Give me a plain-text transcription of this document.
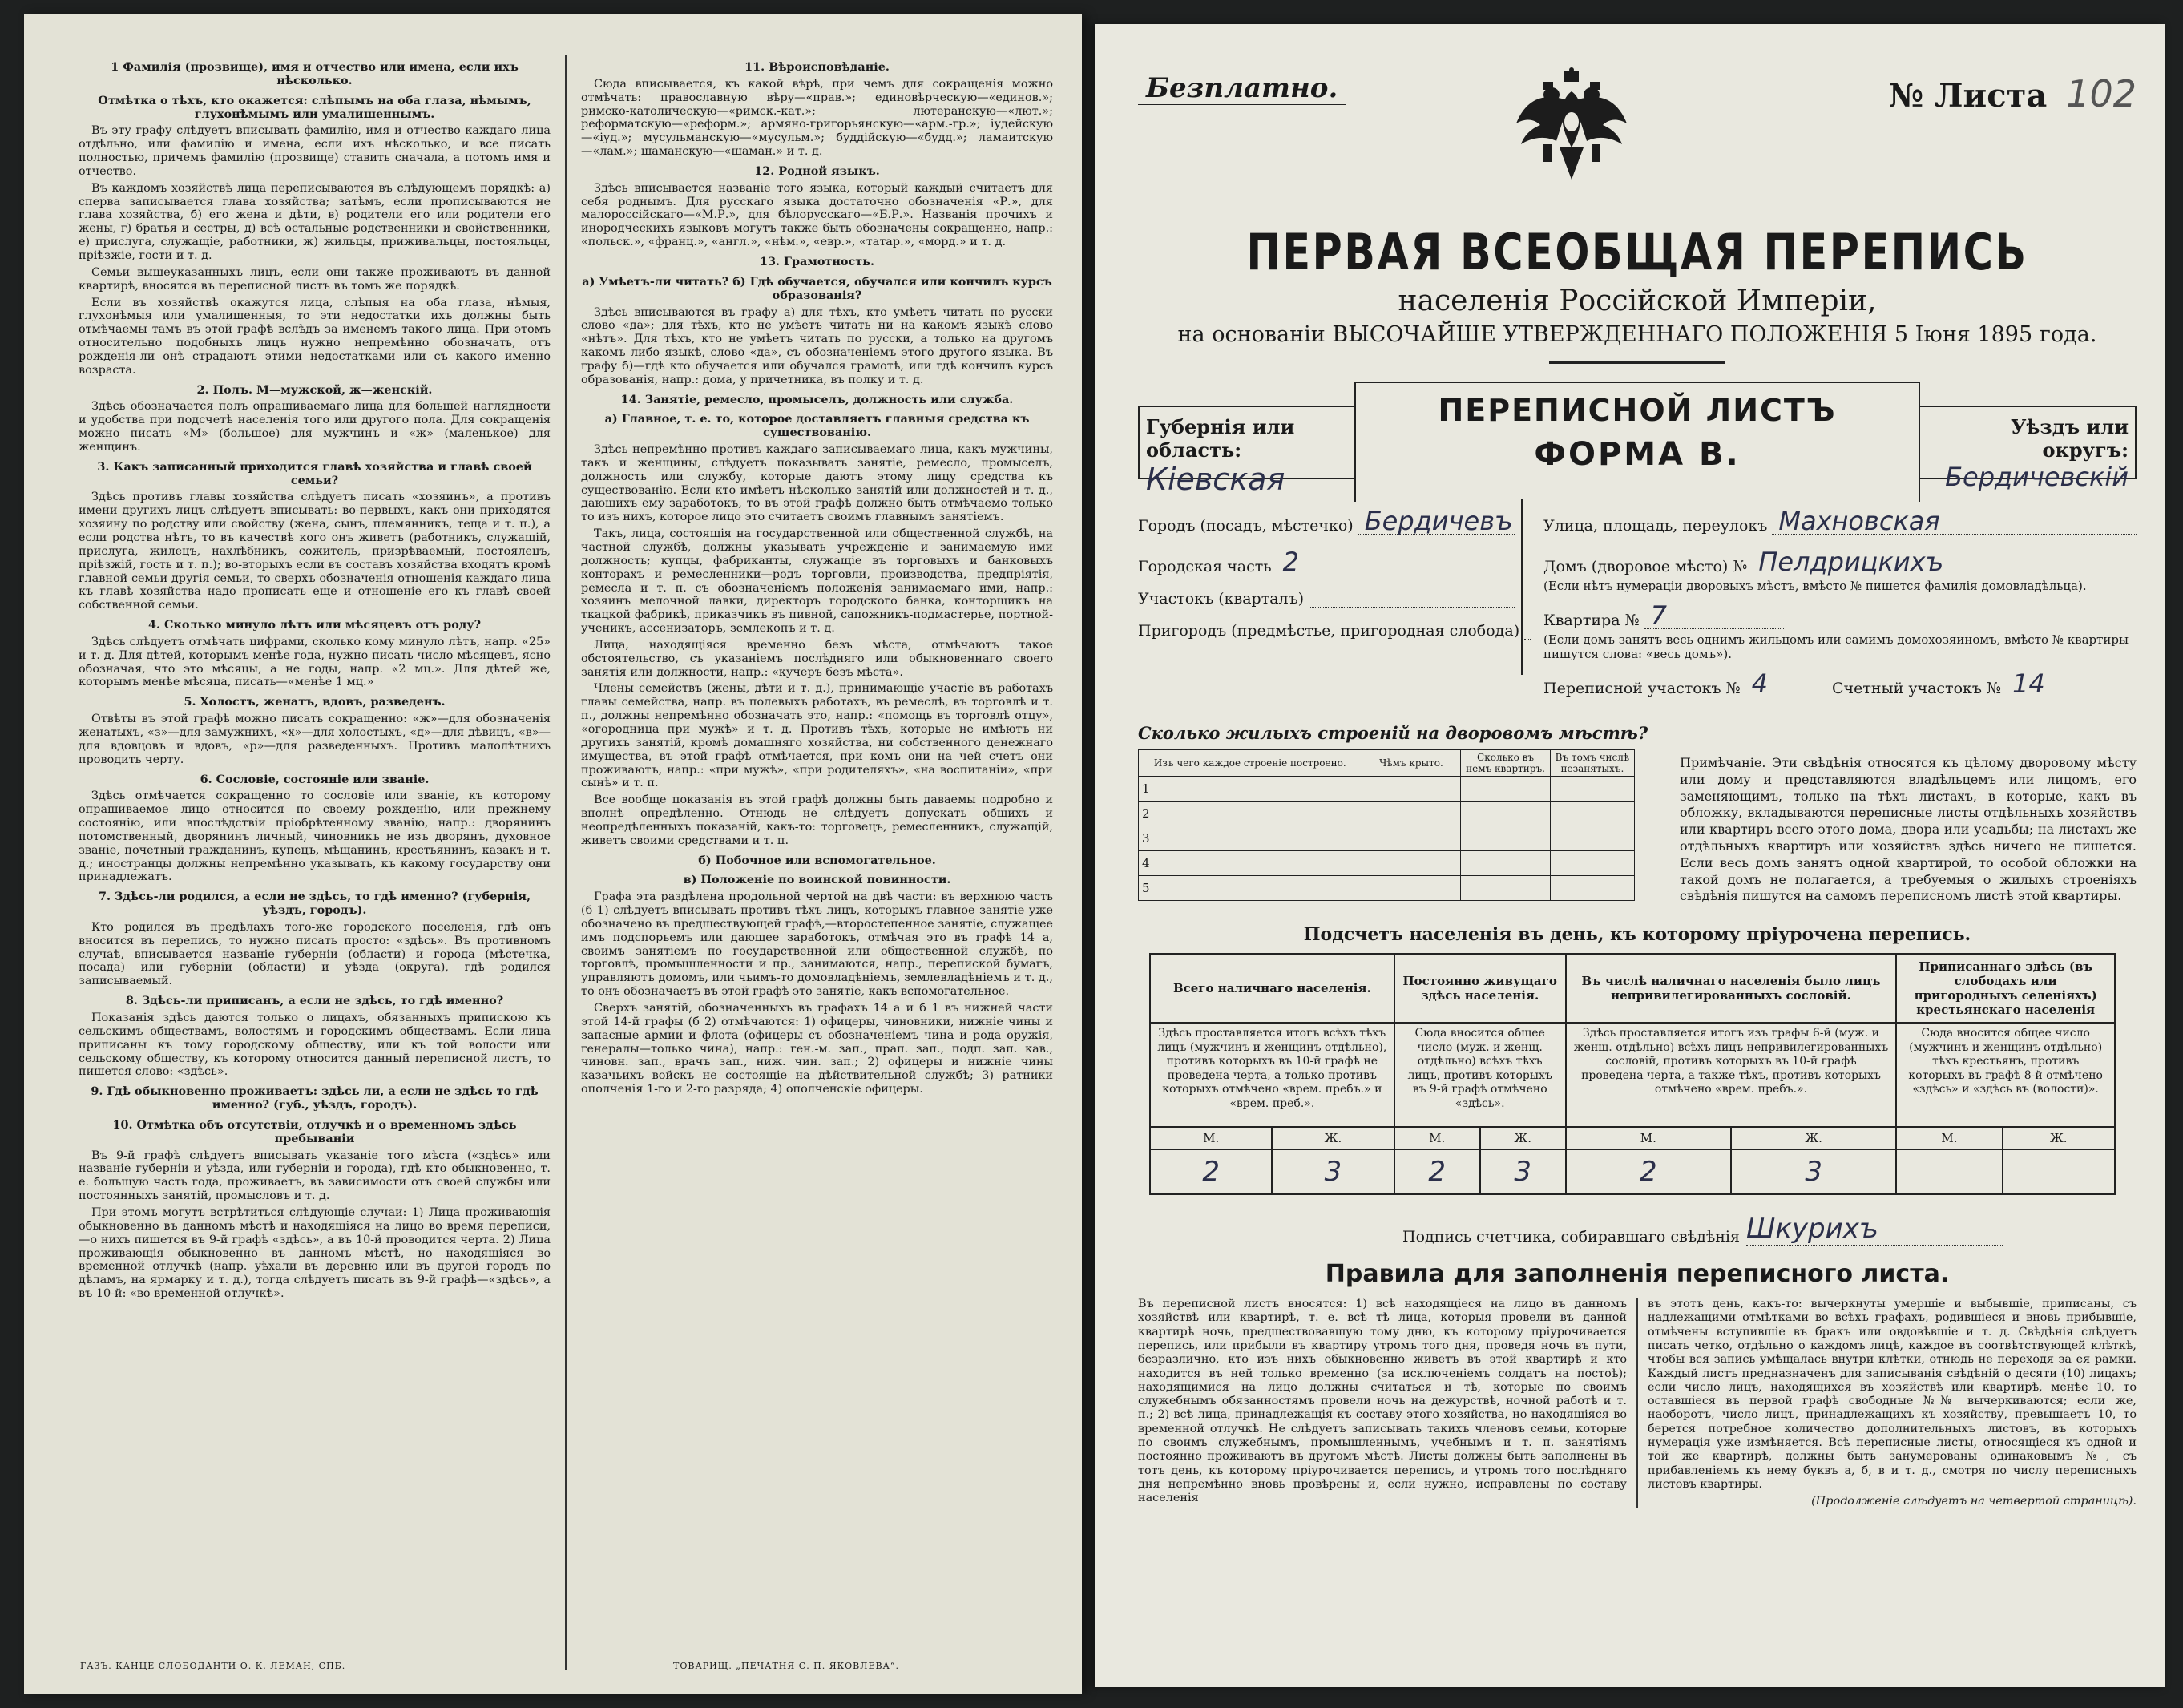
1 Фамилія (прозвище), имя и отчество или имена, если ихъ нѣсколько.
Отмѣтка о тѣхъ, кто окажется: слѣпымъ на оба глаза, нѣмымъ, глухонѣмымъ или умалишеннымъ.

Въ эту графу слѣдуетъ вписывать фамилію, имя и отчество каждаго лица отдѣльно, или фамилію и имена, если ихъ нѣсколько, и все писать полностью, причемъ фамилію (прозвище) ставить сначала, а потомъ имя и отчество.

Въ каждомъ хозяйствѣ лица переписываются въ слѣдующемъ порядкѣ: а) сперва записывается глава хозяйства; затѣмъ, если прописываются не глава хозяйства, б) его жена и дѣти, в) родители его или родители его жены, г) братья и сестры, д) всѣ остальные родственники и свойственники, е) прислуга, служащіе, работники, ж) жильцы, приживальцы, постояльцы, пріѣзжіе, гости и т. д.

Семьи вышеуказанныхъ лицъ, если они также проживаютъ въ данной квартирѣ, вносятся въ переписной листъ въ томъ же порядкѣ.

Если въ хозяйствѣ окажутся лица, слѣпыя на оба глаза, нѣмыя, глухонѣмыя или умалишенныя, то эти недостатки ихъ должны быть отмѣчаемы тамъ въ этой графѣ вслѣдъ за именемъ такого лица. При этомъ относительно подобныхъ лицъ нужно непремѣнно обозначать, отъ рожденія-ли онѣ страдаютъ этими недостатками или съ какого именно возраста.

2. Полъ. М—мужской, ж—женскій.

Здѣсь обозначается полъ опрашиваемаго лица для большей наглядности и удобства при подсчетѣ населенія того или другого пола. Для сокращенія можно писать «М» (большое) для мужчинъ и «ж» (маленькое) для женщинъ.

3. Какъ записанный приходится главѣ хозяйства и главѣ своей семьи?

Здѣсь противъ главы хозяйства слѣдуетъ писать «хозяинъ», а противъ имени другихъ лицъ слѣдуетъ вписывать: во-первыхъ, какъ они приходятся хозяину по родству или свойству (жена, сынъ, племянникъ, теща и т. п.), а если родства нѣтъ, то въ качествѣ кого онъ живетъ (работникъ, служащій, прислуга, жилецъ, нахлѣбникъ, сожитель, призрѣваемый, постоялецъ, пріѣзжій, гость и т. п.); во-вторыхъ если въ составъ хозяйства входятъ кромѣ главной семьи другія семьи, то сверхъ обозначенія отношенія каждаго лица къ главѣ хозяйства надо прописать еще и отношеніе его къ главѣ своей собственной семьи.

4. Сколько минуло лѣтъ или мѣсяцевъ отъ роду?

Здѣсь слѣдуетъ отмѣчать цифрами, сколько кому минуло лѣтъ, напр. «25» и т. д. Для дѣтей, которымъ менѣе года, нужно писать число мѣсяцевъ, ясно обозначая, что это мѣсяцы, а не годы, напр. «2 мц.». Для дѣтей же, которымъ менѣе мѣсяца, писать—«менѣе 1 мц.»

5. Холостъ, женатъ, вдовъ, разведенъ.

Отвѣты въ этой графѣ можно писать сокращенно: «ж»—для обозначенія женатыхъ, «з»—для замужнихъ, «х»—для холостыхъ, «д»—для дѣвицъ, «в»—для вдовцовъ и вдовъ, «р»—для разведенныхъ. Противъ малолѣтнихъ проводить черту.

6. Сословіе, состояніе или званіе.

Здѣсь отмѣчается сокращенно то сословіе или званіе, къ которому опрашиваемое лицо относится по своему рожденію, или прежнему состоянію, или впослѣдствіи пріобрѣтенному званію, напр.: дворянинъ потомственный, дворянинъ личный, чиновникъ не изъ дворянъ, духовное званіе, почетный гражданинъ, купецъ, мѣщанинъ, крестьянинъ, казакъ и т. д.; иностранцы должны непремѣнно указывать, къ какому государству они принадлежатъ.

7. Здѣсь-ли родился, а если не здѣсь, то гдѣ именно? (губернія, уѣздъ, городъ).

Кто родился въ предѣлахъ того-же городского поселенія, гдѣ онъ вносится въ перепись, то нужно писать просто: «здѣсь». Въ противномъ случаѣ, вписывается названіе губерніи (области) и города (мѣстечка, посада) или губерніи (области) и уѣзда (округа), гдѣ родился записываемый.

8. Здѣсь-ли приписанъ, а если не здѣсь, то гдѣ именно?

Показанія здѣсь даются только о лицахъ, обязанныхъ припискою къ сельскимъ обществамъ, волостямъ и городскимъ обществамъ. Если лица приписаны къ тому городскому обществу, или къ той волости или сельскому обществу, къ которому относится данный переписной листъ, то пишется слово: «здѣсь».

9. Гдѣ обыкновенно проживаетъ: здѣсь ли, а если не здѣсь то гдѣ именно? (губ., уѣздъ, городъ).
10. Отмѣтка объ отсутствіи, отлучкѣ и о временномъ здѣсь пребываніи

Въ 9-й графѣ слѣдуетъ вписывать указаніе того мѣста («здѣсь» или названіе губерніи и уѣзда, или губерніи и города), гдѣ кто обыкновенно, т. е. большую часть года, проживаетъ, въ зависимости отъ своей службы или постоянныхъ занятій, промысловъ и т. д.

При этомъ могутъ встрѣтиться слѣдующіе случаи: 1) Лица проживающія обыкновенно въ данномъ мѣстѣ и находящіяся на лицо во время переписи,—о нихъ пишется въ 9-й графѣ «здѣсь», а въ 10-й проводится черта. 2) Лица проживающія обыкновенно въ данномъ мѣстѣ, но находящіяся во временной отлучкѣ (напр. уѣхали въ деревню или въ другой городъ по дѣламъ, на ярмарку и т. д.), тогда слѣдуетъ писать въ 9-й графѣ—«здѣсь», а въ 10-й: «во временной отлучкѣ».

11. Вѣроисповѣданіе.

Сюда вписывается, къ какой вѣрѣ, при чемъ для сокращенія можно отмѣчать: православную вѣру—«прав.»; единовѣрческую—«единов.»; римско-католическую—«римск.-кат.»; лютеранскую—«лют.»; реформатскую—«реформ.»; армяно-григорьянскую—«арм.-гр.»; іудейскую—«іуд.»; мусульманскую—«мусульм.»; буддійскую—«будд.»; ламаитскую—«лам.»; шаманскую—«шаман.» и т. д.

12. Родной языкъ.

Здѣсь вписывается названіе того языка, который каждый считаетъ для себя роднымъ. Для русскаго языка достаточно обозначенія «Р.», для малороссійскаго—«М.Р.», для бѣлорусскаго—«Б.Р.». Названія прочихъ и инородческихъ языковъ могутъ также быть обозначены сокращенно, напр.: «польск.», «франц.», «англ.», «нѣм.», «евр.», «татар.», «морд.» и т. д.

13. Грамотность.
а) Умѣетъ-ли читать? б) Гдѣ обучается, обучался или кончилъ курсъ образованія?

Здѣсь вписываются въ графу а) для тѣхъ, кто умѣетъ читать по русски слово «да»; для тѣхъ, кто не умѣетъ читать ни на какомъ языкѣ слово «нѣтъ». Для тѣхъ, кто не умѣетъ читать по русски, а только на другомъ какомъ либо языкѣ, слово «да», съ обозначеніемъ этого другого языка. Въ графу б)—гдѣ кто обучается или обучался грамотѣ, или гдѣ кончилъ курсъ образованія, напр.: дома, у причетника, въ полку и т. д.

14. Занятіе, ремесло, промыселъ, должность или служба.
а) Главное, т. е. то, которое доставляетъ главныя средства къ существованію.

Здѣсь непремѣнно противъ каждаго записываемаго лица, какъ мужчины, такъ и женщины, слѣдуетъ показывать занятіе, ремесло, промыселъ, должность или службу, которые даютъ этому лицу средства къ существованію. Если кто имѣетъ нѣсколько занятій или должностей и т. д., дающихъ ему заработокъ, то въ этой графѣ должно быть отмѣчаемо только то изъ нихъ, которое лицо это считаетъ своимъ главнымъ занятіемъ.

Такъ, лица, состоящія на государственной или общественной службѣ, на частной службѣ, должны указывать учрежденіе и занимаемую ими должность; купцы, фабриканты, служащіе въ торговыхъ и банковыхъ конторахъ и ремесленники—родъ торговли, производства, предпріятія, ремесла и т. п. съ обозначеніемъ положенія занимаемаго ими, напр.: хозяинъ мелочной лавки, директоръ городского банка, конторщикъ на ткацкой фабрикѣ, приказчикъ въ пивной, сапожникъ-подмастерье, портной-ученикъ, ассенизаторъ, землекопъ и т. д.

Лица, находящіяся временно безъ мѣста, отмѣчаютъ такое обстоятельство, съ указаніемъ послѣдняго или обыкновеннаго своего занятія или должности, напр.: «кучеръ безъ мѣста».

Члены семействъ (жены, дѣти и т. д.), принимающіе участіе въ работахъ главы семейства, напр. въ полевыхъ работахъ, въ ремеслѣ, въ торговлѣ и т. п., должны непремѣнно обозначать это, напр.: «помощь въ торговлѣ отцу», «огородница при мужѣ» и т. д. Противъ тѣхъ, которые не имѣютъ ни другихъ занятій, кромѣ домашняго хозяйства, ни собственного денежнаго имущества, въ этой графѣ отмѣчается, при комъ они на чей счетъ они проживаютъ, напр.: «при мужѣ», «при родителяхъ», «на воспитаніи», «при сынѣ» и т. п.

Все вообще показанія въ этой графѣ должны быть даваемы подробно и вполнѣ опредѣленно. Отнюдь не слѣдуетъ допускать общихъ и неопредѣленныхъ показаній, какъ-то: торговецъ, ремесленникъ, служащій, живетъ своими средствами и т. п.

б) Побочное или вспомогательное.
в) Положеніе по воинской повинности.

Графа эта раздѣлена продольной чертой на двѣ части: въ верхнюю часть (б 1) слѣдуетъ вписывать противъ тѣхъ лицъ, которыхъ главное занятіе уже обозначено въ предшествующей графѣ,—второстепенное занятіе, служащее имъ подспорьемъ или дающее заработокъ, отмѣчая это въ графѣ 14 а, своимъ занятіемъ по государственной или общественной службѣ, по торговлѣ, промышленности и пр., занимаются, напр., перепиской бумагъ, управляютъ домомъ, или чьимъ-то домовладѣніемъ, землевладѣніемъ и т. д., то онъ обозначаетъ въ этой графѣ это занятіе, какъ вспомогательное.

Сверхъ занятій, обозначенныхъ въ графахъ 14 а и б 1 въ нижней части этой 14-й графы (б 2) отмѣчаются: 1) офицеры, чиновники, нижніе чины и запасные армии и флота (офицеры съ обозначеніемъ чина и рода оружія, генералы—только чина), напр.: ген.-м. зап., прап. зап., подп. зап. кав., чиновн. зап., врачъ зап., ниж. чин. зап.; 2) офицеры и нижніе чины казачьихъ войскъ не состоящіе на дѣйствительной службѣ; 3) ратники ополченія 1-го и 2-го разряда; 4) ополченскіе офицеры.

ГАЗЪ. КАНЦЕ СЛОБОДАНТИ О. К. ЛЕМАН, СПБ.	ТОВАРИЩ. „ПЕЧАТНЯ С. П. ЯКОВЛЕВА“.
Безплатно.	№ Листа 102
ПЕРВАЯ ВСЕОБЩАЯ ПЕРЕПИСЬ
населенія Россійской Имперіи,
на основаніи ВЫСОЧАЙШЕ УТВЕРЖДЕННАГО ПОЛОЖЕНІЯ 5 Іюня 1895 года.
Губернія или область:
Кіевская
ПЕРЕПИСНОЙ ЛИСТЪ
ФОРМА В.
Уѣздъ или округъ:
Бердичевскій
Городъ (посадъ, мѣстечко) Бердичевъ
Городская часть 2
Участокъ (кварталъ)
Пригородъ (предмѣстье, пригородная слобода)
Улица, площадь, переулокъ Махновская
Домъ (дворовое мѣсто) № Пелдрицкихъ
(Если нѣтъ нумераціи дворовыхъ мѣстъ, вмѣсто № пишется фамилія домовладѣльца).
Квартира № 7
(Если домъ занятъ весь однимъ жильцомъ или самимъ домохозяиномъ, вмѣсто № квартиры пишутся слова: «весь домъ»).
Переписной участокъ № 4	Счетный участокъ № 14
Сколько жилыхъ строеній на дворовомъ мѣстѣ?
Изъ чего каждое строеніе построено.	Чѣмъ крыто.	Сколько въ немъ квартиръ.	Въ томъ числѣ незанятыхъ.
1			
2			
3			
4			
5			
Примѣчаніе. Эти свѣдѣнія относятся къ цѣлому дворовому мѣсту или дому и представляются владѣльцемъ или лицомъ, его заменяющимъ, только на тѣхъ листахъ, в которые, какъ въ обложку, вкладываются переписные листы отдѣльныхъ хозяйствъ или квартиръ всего этого дома, двора или усадьбы; на листахъ же отдѣльныхъ квартиръ или хозяйствъ здѣсь ничего не пишется. Если весь домъ занятъ одной квартирой, то особой обложки на такой домъ не полагается, а требуемыя о жилыхъ строеніяхъ свѣдѣнія пишутся на самомъ переписномъ листѣ этой квартиры.
Подсчетъ населенія въ день, къ которому пріурочена перепись.
Всего наличнаго населенія.		Постоянно живущаго здѣсь населенія.		Въ числѣ наличнаго населенія было лицъ непривилегированныхъ сословій.		Приписаннаго здѣсь (въ слободахъ или пригородныхъ селеніяхъ) крестьянскаго населенія	
Здѣсь проставляется итогъ всѣхъ тѣхъ лицъ (мужчинъ и женщинъ отдѣльно), противъ которыхъ въ 10-й графѣ не проведена черта, а только противъ которыхъ отмѣчено «врем. пребъ.» и «врем. преб.».		Сюда вносится общее число (муж. и женщ. отдѣльно) всѣхъ тѣхъ лицъ, противъ которыхъ въ 9-й графѣ отмѣчено «здѣсь».		Здѣсь проставляется итогъ изъ графы 6-й (муж. и женщ. отдѣльно) всѣхъ лицъ непривилегированныхъ сословій, противъ которыхъ въ 10-й графѣ проведена черта, а также тѣхъ, противъ которыхъ отмѣчено «врем. пребъ.».		Сюда вносится общее число (мужчинъ и женщинъ отдѣльно) тѣхъ крестьянъ, противъ которыхъ въ графѣ 8-й отмѣчено «здѣсь» и «здѣсь въ (волости)».	
М.	Ж.	М.	Ж.	М.	Ж.	М.	Ж.
2	3	2	3	2	3		
Подпись счетчика, собиравшаго свѣдѣнія Шкурихъ
Правила для заполненія переписного листа.
Въ переписной листъ вносятся: 1) всѣ находящіеся на лицо въ данномъ хозяйствѣ или квартирѣ, т. е. всѣ тѣ лица, которыя провели въ данной квартирѣ ночь, предшествовавшую тому дню, къ которому пріурочивается перепись, или прибыли въ квартиру утромъ того дня, проведя ночь въ пути, безразлично, кто изъ нихъ обыкновенно живетъ въ этой квартирѣ и кто находится въ ней только временно (за исключеніемъ солдатъ на постоѣ); находящимися на лицо должны считаться и тѣ, которые по своимъ служебнымъ обязанностямъ провели ночь на дежурствѣ, ночной работѣ и т. п.; 2) всѣ лица, принадлежащія къ составу этого хозяйства, но находящіяся во временной отлучкѣ. Не слѣдуетъ записывать такихъ членовъ семьи, которые по своимъ служебнымъ, промышленнымъ, учебнымъ и т. п. занятіямъ постоянно проживаютъ въ другомъ мѣстѣ. Листы должны быть заполнены въ тотъ день, къ которому пріурочивается перепись, и утромъ того послѣдняго дня непремѣнно вновь провѣрены и, если нужно, исправлены по составу населенія
въ этотъ день, какъ-то: вычеркнуты умершіе и выбывшіе, приписаны, съ надлежащими отмѣтками во всѣхъ графахъ, родившіеся и вновь прибывшіе, отмѣчены вступившіе въ бракъ или овдовѣвшіе и т. д. Свѣдѣнія слѣдуетъ писать четко, отдѣльно о каждомъ лицѣ, каждое въ соотвѣтствующей клѣткѣ, чтобы вся запись умѣщалась внутри клѣтки, отнюдь не переходя за ея рамки. Каждый листъ предназначенъ для записыванія свѣдѣній о десяти (10) лицахъ; если число лицъ, находящихся въ хозяйствѣ или квартирѣ, менѣе 10, то оставшіеся въ первой графѣ свободные №№ вычеркиваются; если же, наоборотъ, число лицъ, принадлежащихъ къ хозяйству, превышаетъ 10, то берется потребное количество дополнительныхъ листовъ, въ которыхъ нумерація уже измѣняется. Всѣ переписные листы, относящіеся къ одной и той же квартирѣ, должны быть занумерованы одинаковымъ №, съ прибавленіемъ къ нему буквъ а, б, в и т. д., смотря по числу переписныхъ листовъ квартиры.
(Продолженіе слѣдуетъ на четвертой страницѣ).
